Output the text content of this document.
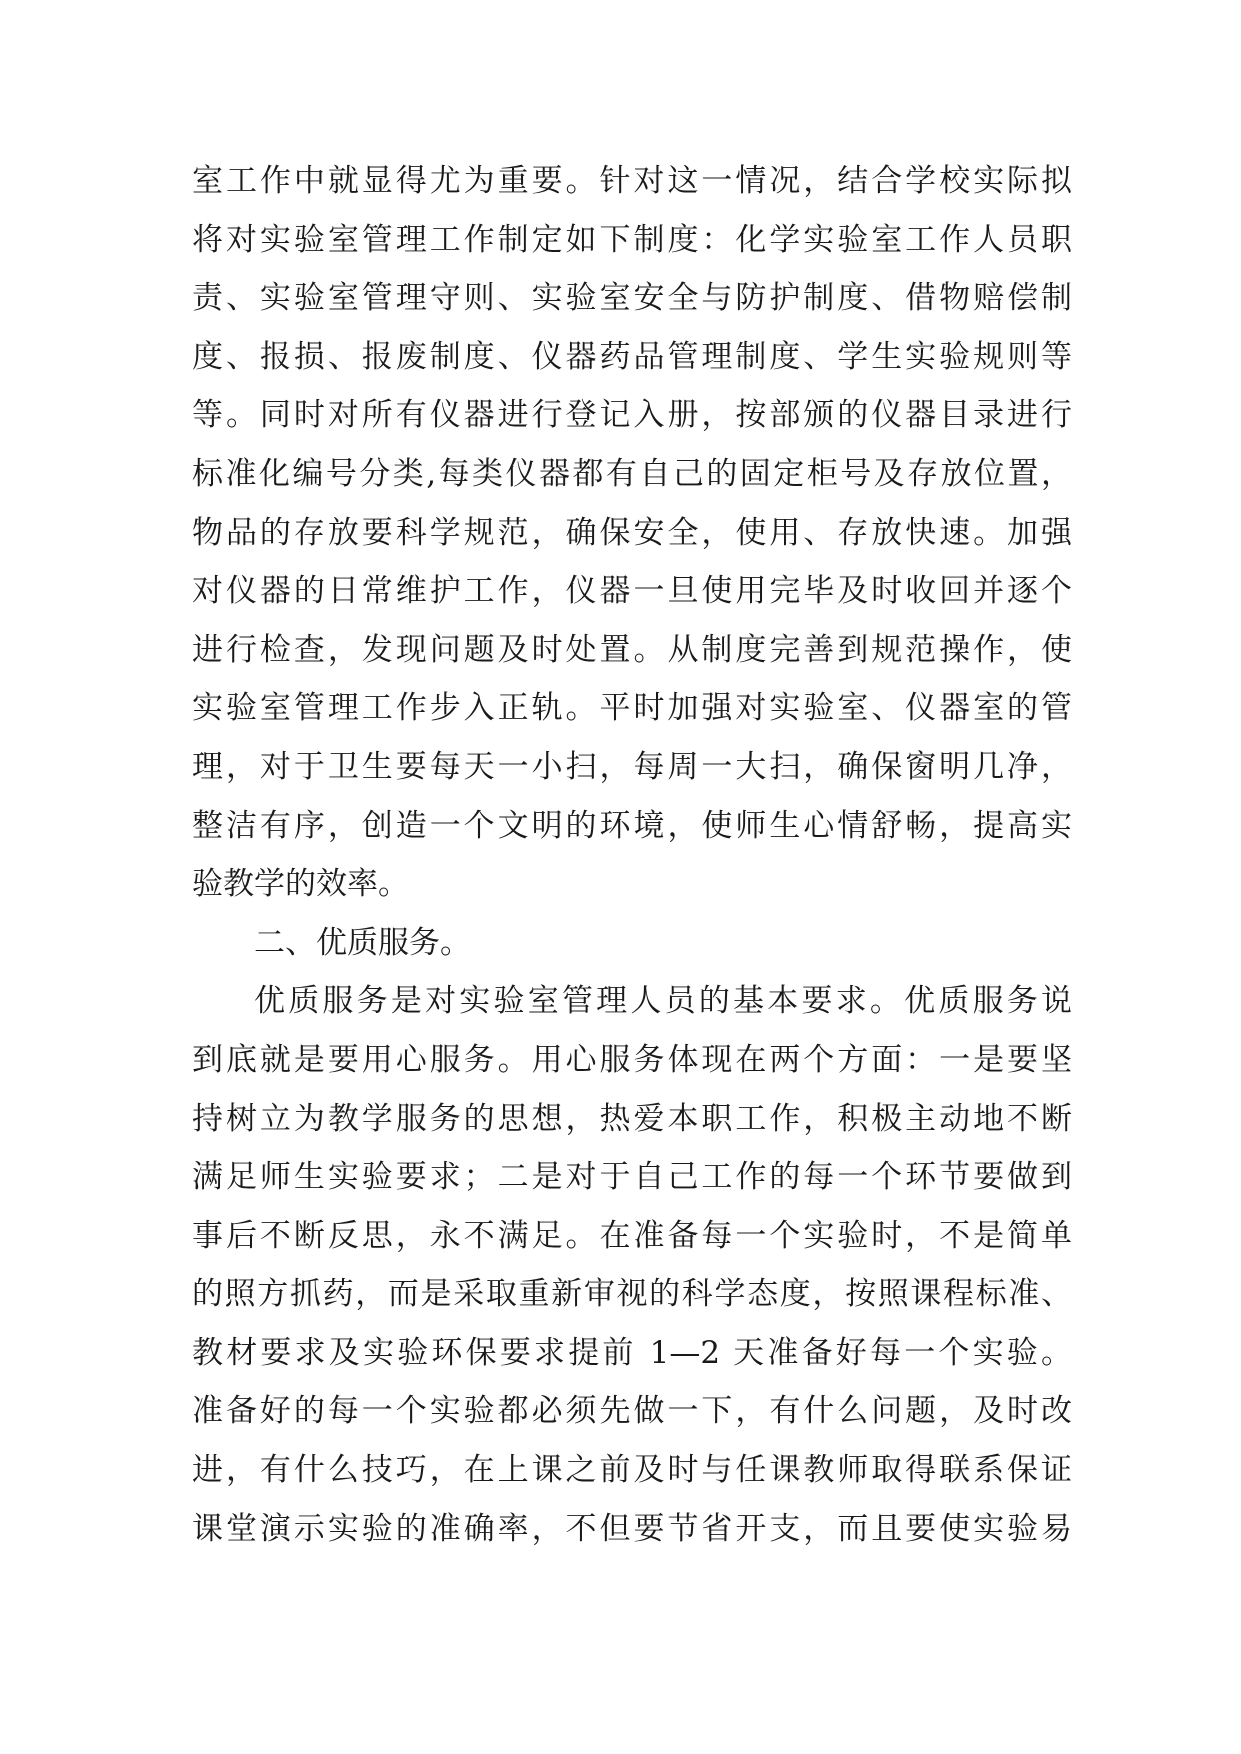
室工作中就显得尤为重要。针对这一情况，结合学校实际拟
将对实验室管理工作制定如下制度：化学实验室工作人员职
责、实验室管理守则、实验室安全与防护制度、借物赔偿制
度、报损、报废制度、仪器药品管理制度、学生实验规则等
等。同时对所有仪器进行登记入册，按部颁的仪器目录进行
标准化编号分类,每类仪器都有自己的固定柜号及存放位置，
物品的存放要科学规范，确保安全，使用、存放快速。加强
对仪器的日常维护工作，仪器一旦使用完毕及时收回并逐个
进行检查，发现问题及时处置。从制度完善到规范操作，使
实验室管理工作步入正轨。平时加强对实验室、仪器室的管
理，对于卫生要每天一小扫，每周一大扫，确保窗明几净，
整洁有序，创造一个文明的环境，使师生心情舒畅，提高实
验教学的效率。
二、优质服务。
优质服务是对实验室管理人员的基本要求。优质服务说
到底就是要用心服务。用心服务体现在两个方面：一是要坚
持树立为教学服务的思想，热爱本职工作，积极主动地不断
满足师生实验要求；二是对于自己工作的每一个环节要做到
事后不断反思，永不满足。在准备每一个实验时，不是简单
的照方抓药，而是采取重新审视的科学态度，按照课程标准、
教材要求及实验环保要求提前 1—2 天准备好每一个实验。
准备好的每一个实验都必须先做一下，有什么问题，及时改
进，有什么技巧，在上课之前及时与任课教师取得联系保证
课堂演示实验的准确率，不但要节省开支，而且要使实验易
